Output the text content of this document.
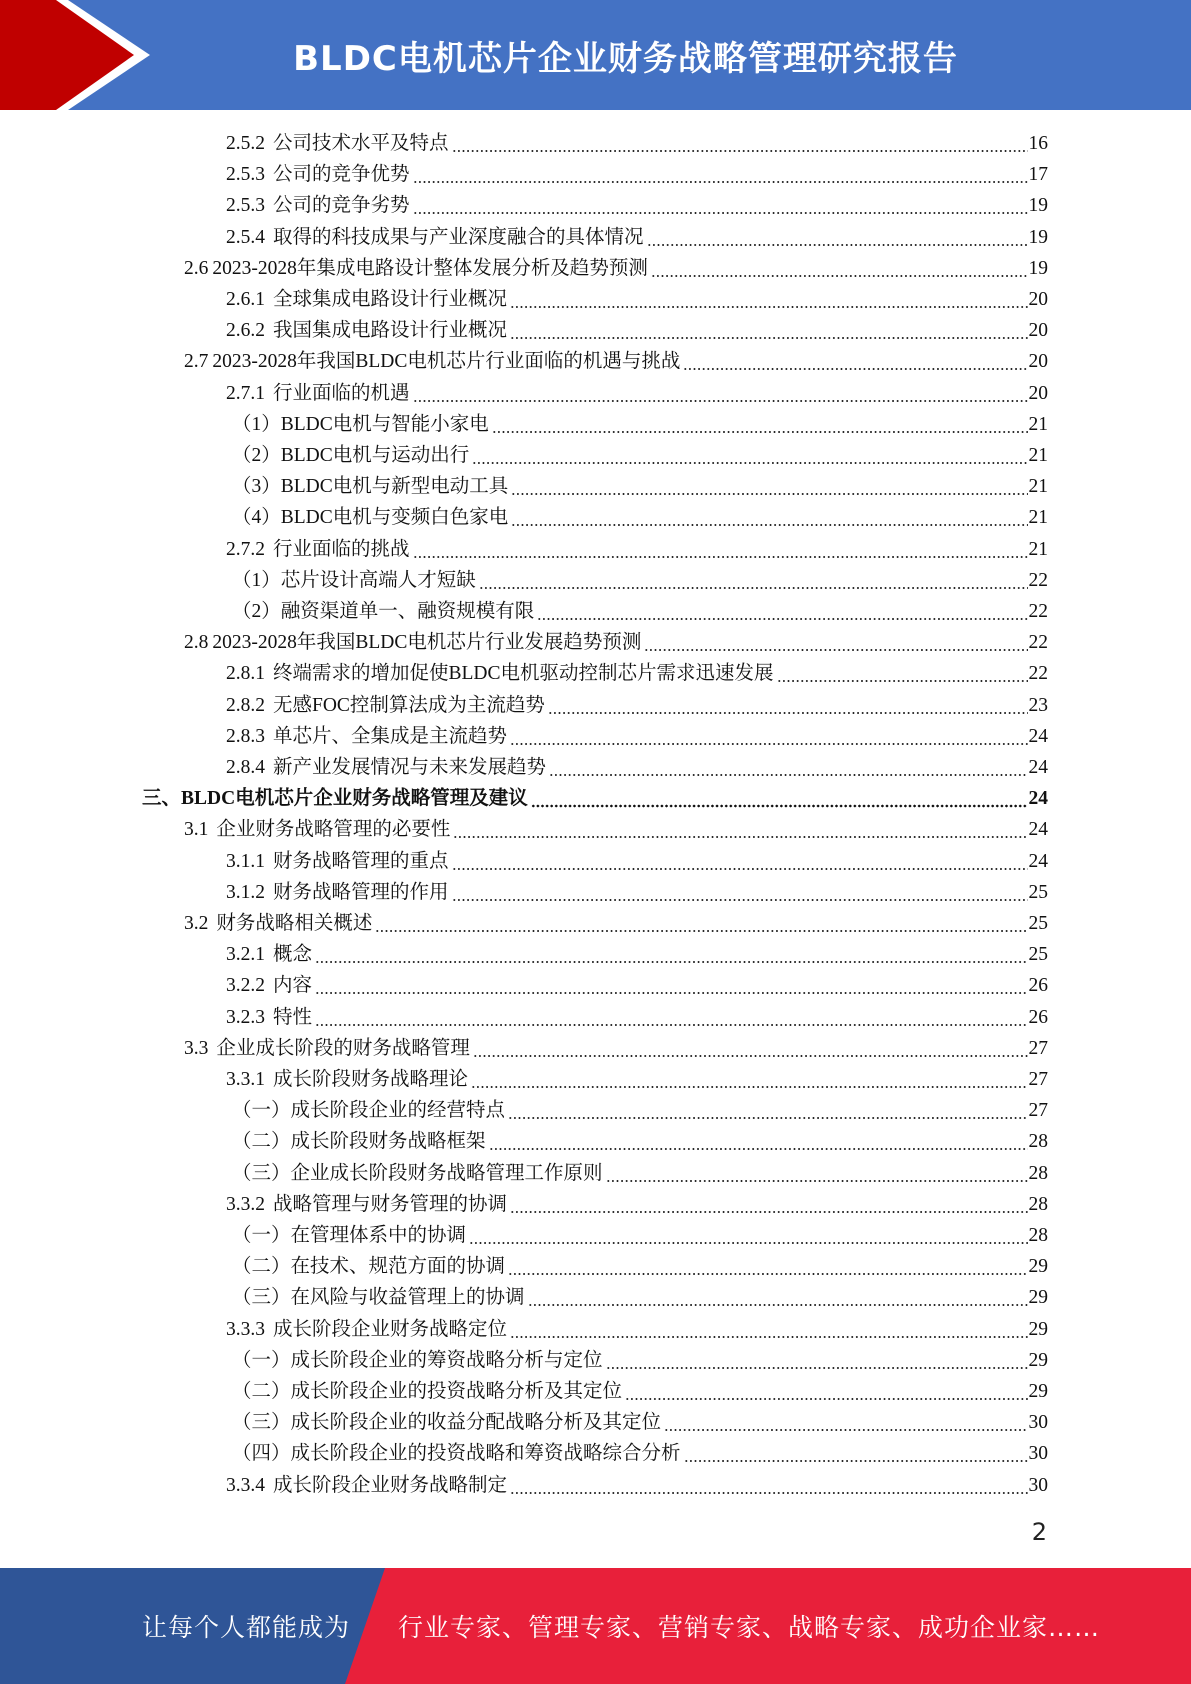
BLDC电机芯片企业财务战略管理研究报告
2.5.2 公司技术水平及特点	16
2.5.3 公司的竞争优势	17
2.5.3 公司的竞争劣势	19
2.5.4 取得的科技成果与产业深度融合的具体情况	19
2.6 2023-2028年集成电路设计整体发展分析及趋势预测	19
2.6.1 全球集成电路设计行业概况	20
2.6.2 我国集成电路设计行业概况	20
2.7 2023-2028年我国BLDC电机芯片行业面临的机遇与挑战	20
2.7.1 行业面临的机遇	20
（1） BLDC电机与智能小家电	21
（2） BLDC电机与运动出行	21
（3） BLDC电机与新型电动工具	21
（4） BLDC电机与变频白色家电	21
2.7.2 行业面临的挑战	21
（1） 芯片设计高端人才短缺	22
（2） 融资渠道单一、融资规模有限	22
2.8 2023-2028年我国BLDC电机芯片行业发展趋势预测	22
2.8.1 终端需求的增加促使BLDC电机驱动控制芯片需求迅速发展	22
2.8.2 无感FOC控制算法成为主流趋势	23
2.8.3 单芯片、全集成是主流趋势	24
2.8.4 新产业发展情况与未来发展趋势	24
三、 BLDC电机芯片企业财务战略管理及建议	24
3.1 企业财务战略管理的必要性	24
3.1.1 财务战略管理的重点	24
3.1.2 财务战略管理的作用	25
3.2 财务战略相关概述	25
3.2.1 概念	25
3.2.2 内容	26
3.2.3 特性	26
3.3 企业成长阶段的财务战略管理	27
3.3.1 成长阶段财务战略理论	27
（一） 成长阶段企业的经营特点	27
（二） 成长阶段财务战略框架	28
（三） 企业成长阶段财务战略管理工作原则	28
3.3.2 战略管理与财务管理的协调	28
（一） 在管理体系中的协调	28
（二） 在技术、规范方面的协调	29
（三） 在风险与收益管理上的协调	29
3.3.3 成长阶段企业财务战略定位	29
（一） 成长阶段企业的筹资战略分析与定位	29
（二） 成长阶段企业的投资战略分析及其定位	29
（三） 成长阶段企业的收益分配战略分析及其定位	30
（四） 成长阶段企业的投资战略和筹资战略综合分析	30
3.3.4 成长阶段企业财务战略制定	30
2
让每个人都能成为 行业专家、管理专家、营销专家、战略专家、成功企业家……
